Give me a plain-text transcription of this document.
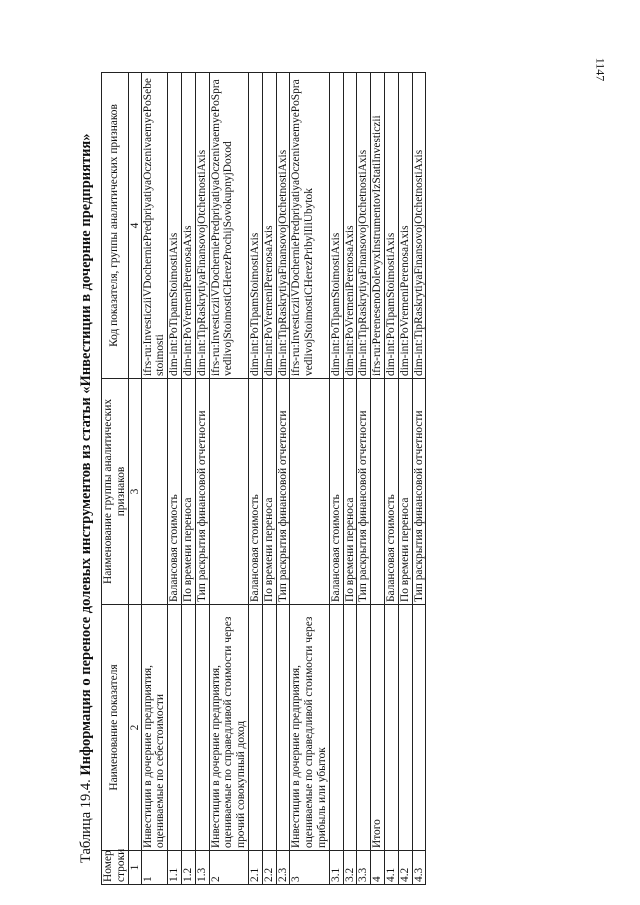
1147
Таблица 19.4. Информация о переносе долевых инструментов из статьи «Инвестиции в дочерние предприятия»
Номер строки	Наименование показателя	Наименование группы аналитических признаков	Код показателя, группы аналитических признаков
1	2	3	4
1	Инвестиции в дочерние предприятия, оцениваемые по себестоимости		ifrs-ru:InvesticziiVDocherniePredpriyatiyaOczenivaemyePoSebestoimosti
1.1		Балансовая стоимость	dim-int:PoTipamStoimostiAxis
1.2		По времени переноса	dim-int:PoVremeniPerenosaAxis
1.3		Тип раскрытия финансовой отчетности	dim-int:TipRaskrytiyaFinansovojOtchetnostiAxis
2	Инвестиции в дочерние предприятия, оцениваемые по справедливой стоимости через прочий совокупный доход		ifrs-ru:InvesticziiVDocherniePredpriyatiyaOczenivaemyePoSpravedlivojStoimostiCHerezProchijSovokupnyjDoxod
2.1		Балансовая стоимость	dim-int:PoTipamStoimostiAxis
2.2		По времени переноса	dim-int:PoVremeniPerenosaAxis
2.3		Тип раскрытия финансовой отчетности	dim-int:TipRaskrytiyaFinansovojOtchetnostiAxis
3	Инвестиции в дочерние предприятия, оцениваемые по справедливой стоимости через прибыль или убыток		ifrs-ru:InvesticziiVDocherniePredpriyatiyaOczenivaemyePoSpravedlivojStoimostiCHerezPribylIliUbytok
3.1		Балансовая стоимость	dim-int:PoTipamStoimostiAxis
3.2		По времени переноса	dim-int:PoVremeniPerenosaAxis
3.3		Тип раскрытия финансовой отчетности	dim-int:TipRaskrytiyaFinansovojOtchetnostiAxis
4	Итого		ifrs-ru:PerenesenoDolevyxInstrumentovIzStatiInvesticzii
4.1		Балансовая стоимость	dim-int:PoTipamStoimostiAxis
4.2		По времени переноса	dim-int:PoVremeniPerenosaAxis
4.3		Тип раскрытия финансовой отчетности	dim-int:TipRaskrytiyaFinansovojOtchetnostiAxis
